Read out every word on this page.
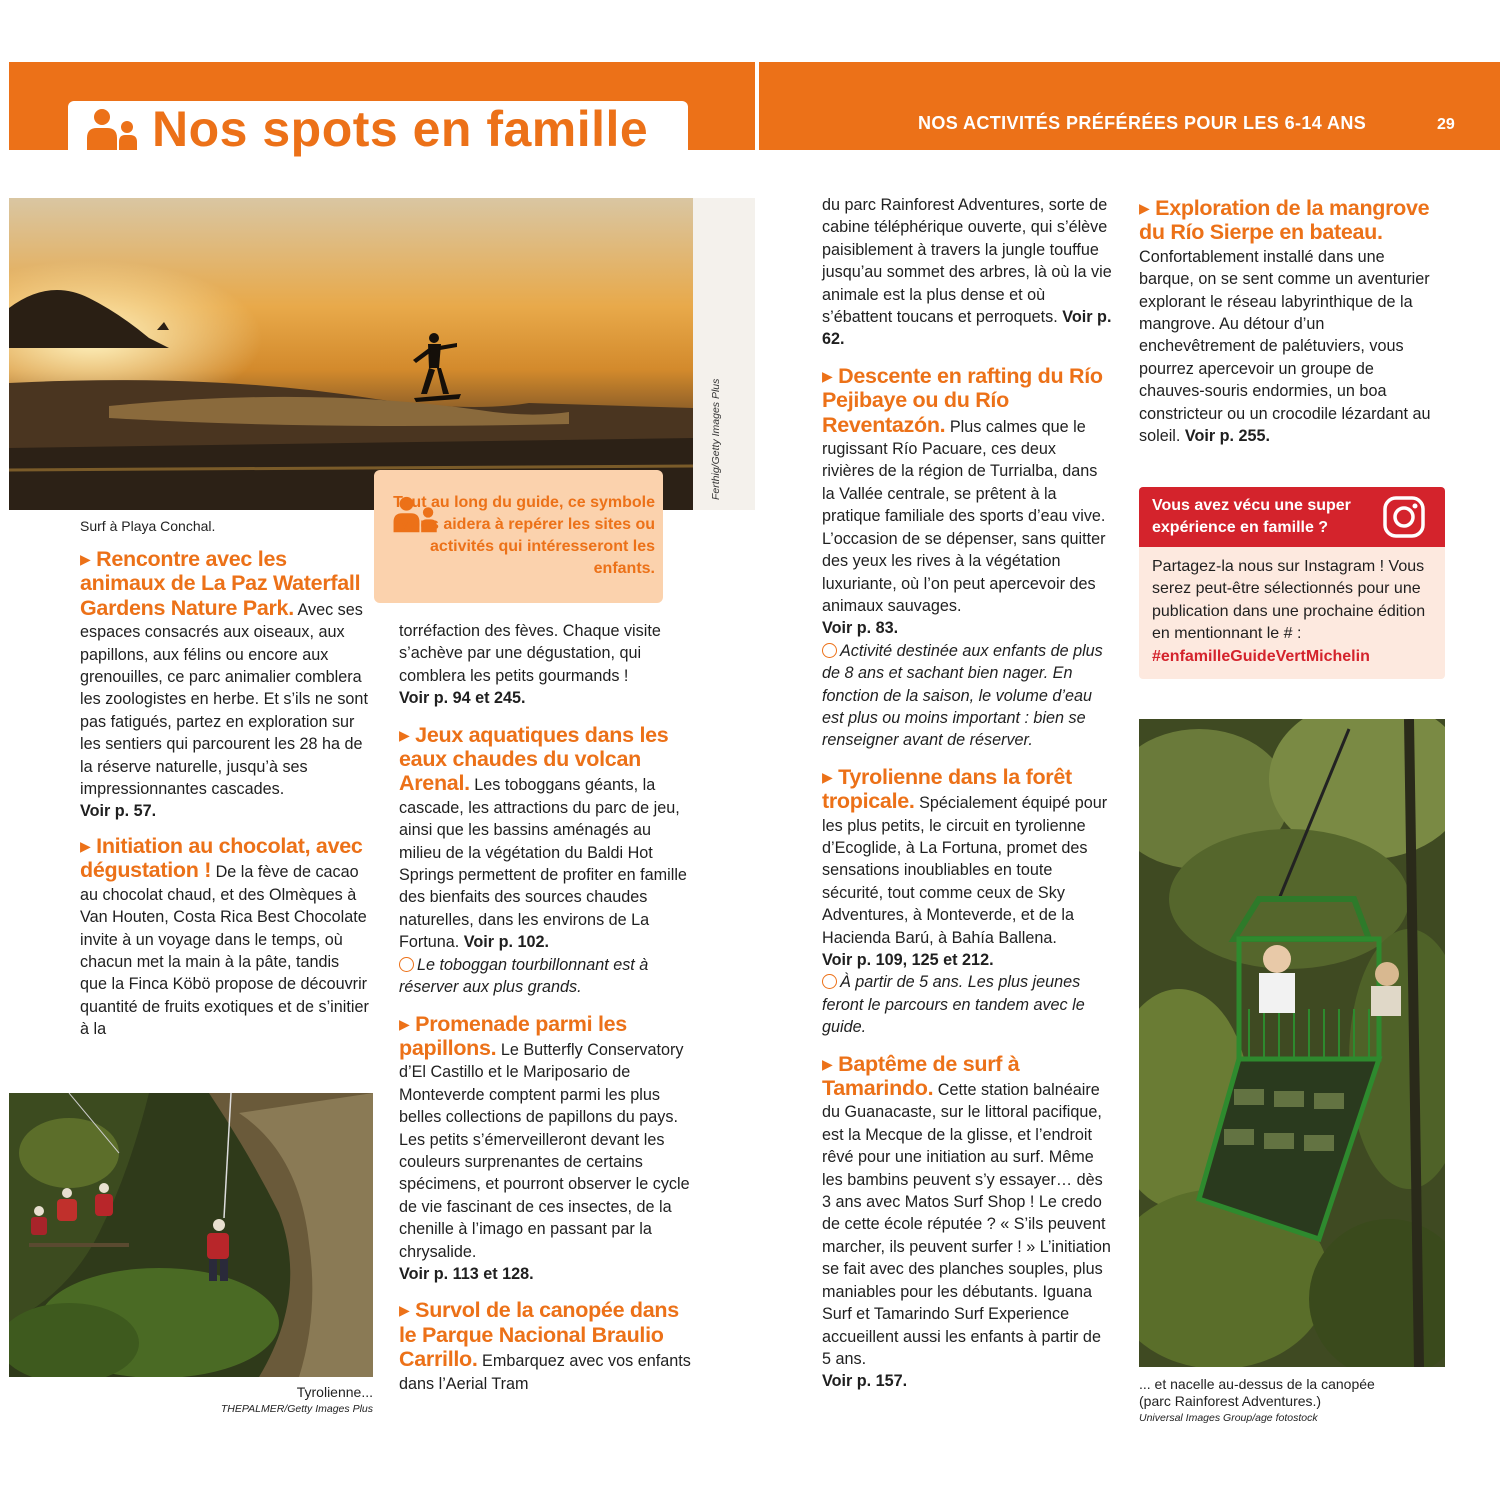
Nos spots en famille	NOS ACTIVITÉS PRÉFÉRÉES POUR LES 6-14 ANS	29
Ferthig/Getty Images Plus
Surf à Playa Conchal.
Tout au long du guide, ce symbole vous aidera à repérer les sites ou activités qui intéresseront les enfants.

▸ Rencontre avec les animaux de La Paz Waterfall Gardens Nature Park. Avec ses espaces consacrés aux oiseaux, aux papillons, aux félins ou encore aux grenouilles, ce parc animalier comblera les zoologistes en herbe. Et s’ils ne sont pas fatigués, partez en exploration sur les sentiers qui parcourent les 28 ha de la réserve naturelle, jusqu’à ses impressionnantes cascades.
Voir p. 57.

▸ Initiation au chocolat, avec dégustation ! De la fève de cacao au chocolat chaud, et des Olmèques à Van Houten, Costa Rica Best Chocolate invite à un voyage dans le temps, où chacun met la main à la pâte, tandis que la Finca Köbö propose de découvrir quantité de fruits exotiques et de s’initier à la

Tyrolienne...
THEPALMER/Getty Images Plus

torréfaction des fèves. Chaque visite s’achève par une dégustation, qui comblera les petits gourmands !
Voir p. 94 et 245.

▸ Jeux aquatiques dans les eaux chaudes du volcan Arenal. Les toboggans géants, la cascade, les attractions du parc de jeu, ainsi que les bassins aménagés au milieu de la végétation du Baldi Hot Springs permettent de profiter en famille des bienfaits des sources chaudes naturelles, dans les environs de La Fortuna. Voir p. 102.
Le toboggan tourbillonnant est à réserver aux plus grands.

▸ Promenade parmi les papillons. Le Butterfly Conservatory d’El Castillo et le Mariposario de Monteverde comptent parmi les plus belles collections de papillons du pays. Les petits s’émerveilleront devant les couleurs surprenantes de certains spécimens, et pourront observer le cycle de vie fascinant de ces insectes, de la chenille à l’imago en passant par la chrysalide.
Voir p. 113 et 128.

▸ Survol de la canopée dans le Parque Nacional Braulio Carrillo. Embarquez avec vos enfants dans l’Aerial Tram

du parc Rainforest Adventures, sorte de cabine téléphérique ouverte, qui s’élève paisiblement à travers la jungle touffue jusqu’au sommet des arbres, là où la vie animale est la plus dense et où s’ébattent toucans et perroquets. Voir p. 62.

▸ Descente en rafting du Río Pejibaye ou du Río Reventazón. Plus calmes que le rugissant Río Pacuare, ces deux rivières de la région de Turrialba, dans la Vallée centrale, se prêtent à la pratique familiale des sports d’eau vive. L’occasion de se dépenser, sans quitter des yeux les rives à la végétation luxuriante, où l’on peut apercevoir des animaux sauvages.
Voir p. 83.
Activité destinée aux enfants de plus de 8 ans et sachant bien nager. En fonction de la saison, le volume d’eau est plus ou moins important : bien se renseigner avant de réserver.

▸ Tyrolienne dans la forêt tropicale. Spécialement équipé pour les plus petits, le circuit en tyrolienne d’Ecoglide, à La Fortuna, promet des sensations inoubliables en toute sécurité, tout comme ceux de Sky Adventures, à Monteverde, et de la Hacienda Barú, à Bahía Ballena.
Voir p. 109, 125 et 212.
À partir de 5 ans. Les plus jeunes feront le parcours en tandem avec le guide.

▸ Baptême de surf à Tamarindo. Cette station balnéaire du Guanacaste, sur le littoral pacifique, est la Mecque de la glisse, et l’endroit rêvé pour une initiation au surf. Même les bambins peuvent s’y essayer… dès 3 ans avec Matos Surf Shop ! Le credo de cette école réputée ? « S’ils peuvent marcher, ils peuvent surfer ! » L’initiation se fait avec des planches souples, plus maniables pour les débutants. Iguana Surf et Tamarindo Surf Experience accueillent aussi les enfants à partir de 5 ans.
Voir p. 157.

▸ Exploration de la mangrove du Río Sierpe en bateau. Confortablement installé dans une barque, on se sent comme un aventurier explorant le réseau labyrinthique de la mangrove. Au détour d’un enchevêtrement de palétuviers, vous pourrez apercevoir un groupe de chauves-souris endormies, un boa constricteur ou un crocodile lézardant au soleil. Voir p. 255.

Vous avez vécu une super expérience en famille ?
Partagez-la nous sur Instagram ! Vous serez peut-être sélectionnés pour une publication dans une prochaine édition en mentionnant le # : #enfamilleGuideVertMichelin
... et nacelle au-dessus de la canopée
(parc Rainforest Adventures.)
Universal Images Group/age fotostock
